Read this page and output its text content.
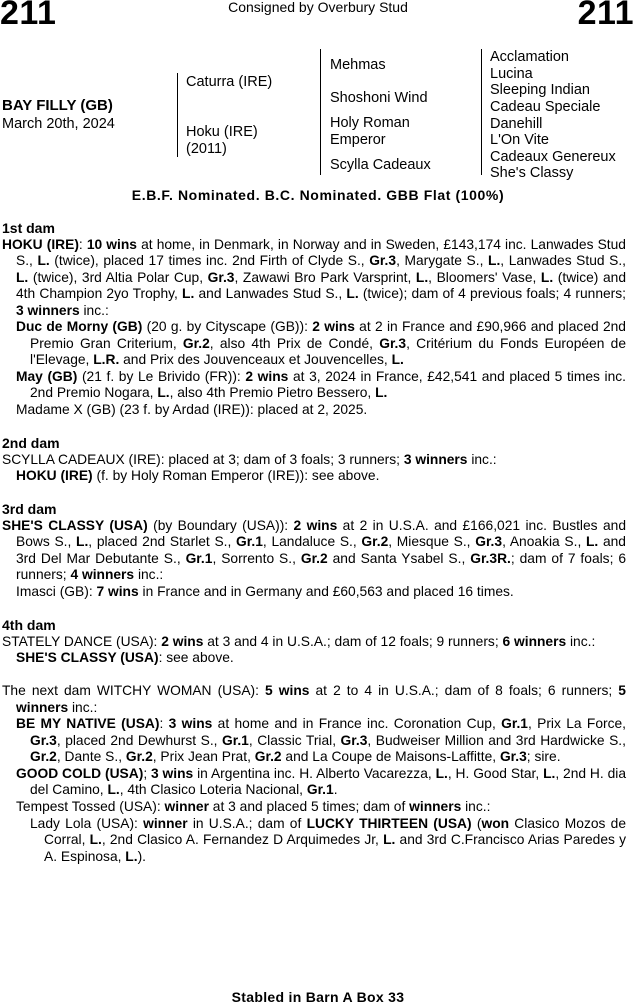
211	Consigned by Overbury Stud	211
BAY FILLY (GB)
March 20th, 2024
Caturra (IRE)
Hoku (IRE)
(2011)
Mehmas
Shoshoni Wind
Holy Roman
Emperor
Scylla Cadeaux
Acclamation
Lucina
Sleeping Indian
Cadeau Speciale
Danehill
L'On Vite
Cadeaux Genereux
She's Classy
E.B.F. Nominated. B.C. Nominated. GBB Flat (100%)

1st dam

HOKU (IRE): 10 wins at home, in Denmark, in Norway and in Sweden, £143,174 inc. Lanwades Stud S., L. (twice), placed 17 times inc. 2nd Firth of Clyde S., Gr.3, Marygate S., L., Lanwades Stud S., L. (twice), 3rd Altia Polar Cup, Gr.3, Zawawi Bro Park Varsprint, L., Bloomers' Vase, L. (twice) and 4th Champion 2yo Trophy, L. and Lanwades Stud S., L. (twice); dam of 4 previous foals; 4 runners; 3 winners inc.:

Duc de Morny (GB) (20 g. by Cityscape (GB)): 2 wins at 2 in France and £90,966 and placed 2nd Premio Gran Criterium, Gr.2, also 4th Prix de Condé, Gr.3, Critérium du Fonds Européen de l'Elevage, L.R. and Prix des Jouvenceaux et Jouvencelles, L.

May (GB) (21 f. by Le Brivido (FR)): 2 wins at 3, 2024 in France, £42,541 and placed 5 times inc. 2nd Premio Nogara, L., also 4th Premio Pietro Bessero, L.

Madame X (GB) (23 f. by Ardad (IRE)): placed at 2, 2025.

2nd dam

SCYLLA CADEAUX (IRE): placed at 3; dam of 3 foals; 3 runners; 3 winners inc.:

HOKU (IRE) (f. by Holy Roman Emperor (IRE)): see above.

3rd dam

SHE'S CLASSY (USA) (by Boundary (USA)): 2 wins at 2 in U.S.A. and £166,021 inc. Bustles and Bows S., L., placed 2nd Starlet S., Gr.1, Landaluce S., Gr.2, Miesque S., Gr.3, Anoakia S., L. and 3rd Del Mar Debutante S., Gr.1, Sorrento S., Gr.2 and Santa Ysabel S., Gr.3R.; dam of 7 foals; 6 runners; 4 winners inc.:

Imasci (GB): 7 wins in France and in Germany and £60,563 and placed 16 times.

4th dam

STATELY DANCE (USA): 2 wins at 3 and 4 in U.S.A.; dam of 12 foals; 9 runners; 6 winners inc.:

SHE'S CLASSY (USA): see above.

The next dam WITCHY WOMAN (USA): 5 wins at 2 to 4 in U.S.A.; dam of 8 foals; 6 runners; 5 winners inc.:

BE MY NATIVE (USA): 3 wins at home and in France inc. Coronation Cup, Gr.1, Prix La Force, Gr.3, placed 2nd Dewhurst S., Gr.1, Classic Trial, Gr.3, Budweiser Million and 3rd Hardwicke S., Gr.2, Dante S., Gr.2, Prix Jean Prat, Gr.2 and La Coupe de Maisons-Laffitte, Gr.3; sire.

GOOD COLD (USA); 3 wins in Argentina inc. H. Alberto Vacarezza, L., H. Good Star, L., 2nd H. dia del Camino, L., 4th Clasico Loteria Nacional, Gr.1.

Tempest Tossed (USA): winner at 3 and placed 5 times; dam of winners inc.:

Lady Lola (USA): winner in U.S.A.; dam of LUCKY THIRTEEN (USA) (won Clasico Mozos de Corral, L., 2nd Clasico A. Fernandez D Arquimedes Jr, L. and 3rd C.Francisco Arias Paredes y A. Espinosa, L.).

Stabled in Barn A Box 33
